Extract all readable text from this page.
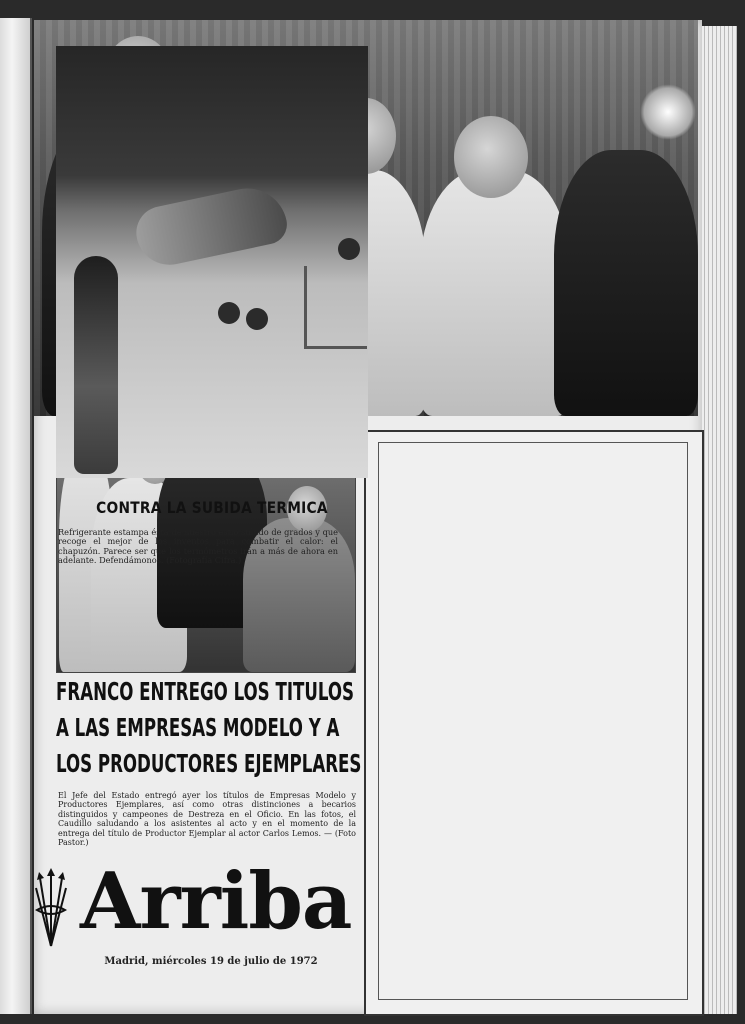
FRANCO ENTREGO LOS TITULOS
A LAS EMPRESAS MODELO Y A
LOS PRODUCTORES EJEMPLARES
El Jefe del Estado entregó ayer los títulos de Empresas Modelo y Productores Ejemplares, así como otras distinciones a becarios distinguidos y campeones de Destreza en el Oficio. En las fotos, el Caudillo saludando a los asistentes al acto y en el momento de la entrega del título de Productor Ejemplar al actor Carlos Lemos. — (Foto Pastor.)
Arriba
Madrid, miércoles 19 de julio de 1972
CONTRA LA SUBIDA TERMICA
Refrigerante estampa ésta de nuestro estío subido de grados y que recoge el mejor de los inventos para combatir el calor: el chapuzón. Parece ser que los termómetros irán a más de ahora en adelante. Defendámonos. (Fotografía Cifra.)
